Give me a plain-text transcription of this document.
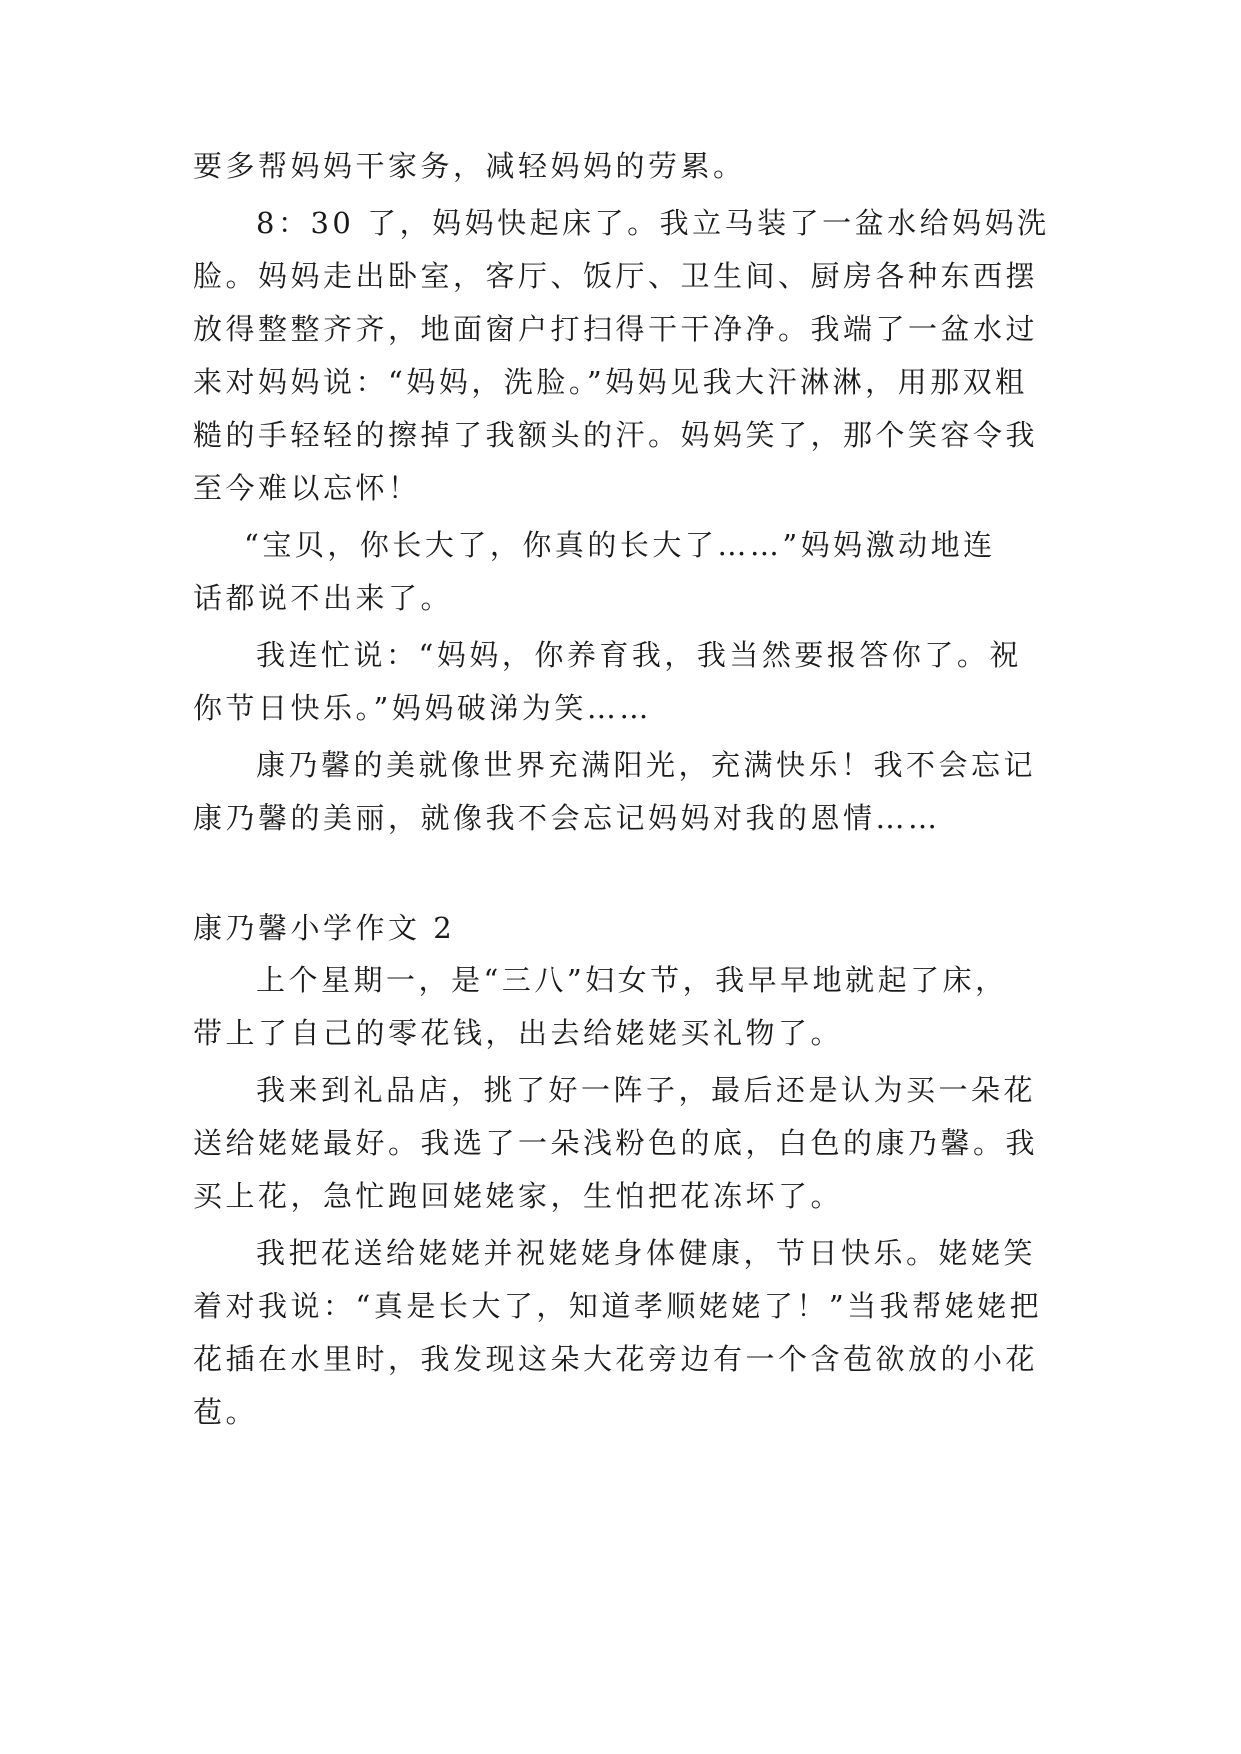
要多帮妈妈干家务，减轻妈妈的劳累。
8：30 了，妈妈快起床了。我立马装了一盆水给妈妈洗
脸。妈妈走出卧室，客厅、饭厅、卫生间、厨房各种东西摆
放得整整齐齐，地面窗户打扫得干干净净。我端了一盆水过
来对妈妈说：“妈妈，洗脸。”妈妈见我大汗淋淋，用那双粗
糙的手轻轻的擦掉了我额头的汗。妈妈笑了，那个笑容令我
至今难以忘怀！
“宝贝，你长大了，你真的长大了……”妈妈激动地连
话都说不出来了。
我连忙说：“妈妈，你养育我，我当然要报答你了。祝
你节日快乐。”妈妈破涕为笑……
康乃馨的美就像世界充满阳光，充满快乐！我不会忘记
康乃馨的美丽，就像我不会忘记妈妈对我的恩情……
康乃馨小学作文 2
上个星期一，是“三八”妇女节，我早早地就起了床，
带上了自己的零花钱，出去给姥姥买礼物了。
我来到礼品店，挑了好一阵子，最后还是认为买一朵花
送给姥姥最好。我选了一朵浅粉色的底，白色的康乃馨。我
买上花，急忙跑回姥姥家，生怕把花冻坏了。
我把花送给姥姥并祝姥姥身体健康，节日快乐。姥姥笑
着对我说：“真是长大了，知道孝顺姥姥了！”当我帮姥姥把
花插在水里时，我发现这朵大花旁边有一个含苞欲放的小花
苞。
